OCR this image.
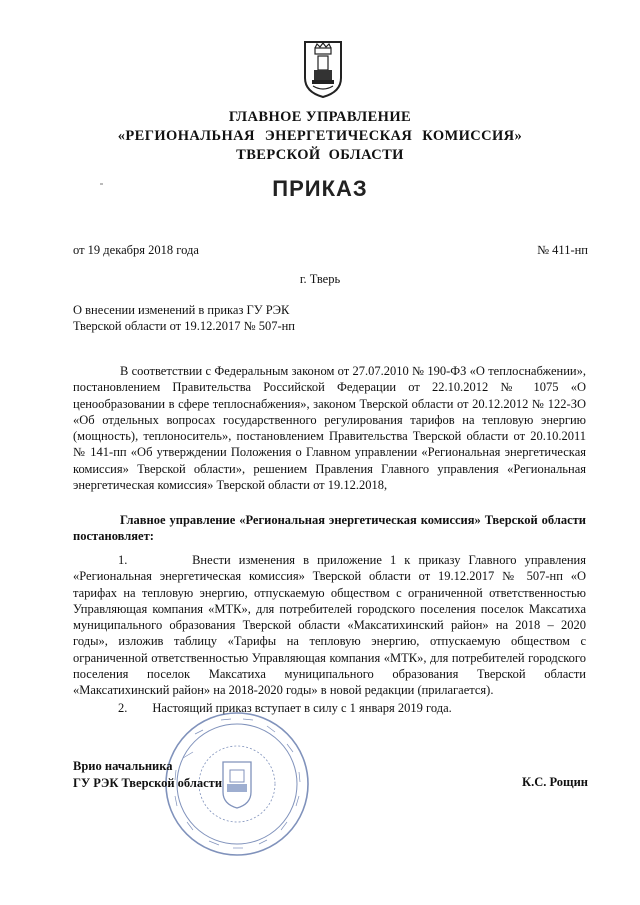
ГЛАВНОЕ УПРАВЛЕНИЕ
«РЕГИОНАЛЬНАЯ ЭНЕРГЕТИЧЕСКАЯ КОМИССИЯ»
ТВЕРСКОЙ ОБЛАСТИ
ПРИКАЗ
от 19 декабря 2018 года	№ 411-нп
г. Тверь
О внесении изменений в приказ ГУ РЭК
Тверской области от 19.12.2017 № 507-нп
В соответствии с Федеральным законом от 27.07.2010 № 190-ФЗ «О теплоснабжении», постановлением Правительства Российской Федерации от 22.10.2012 № 1075 «О ценообразовании в сфере теплоснабжения», законом Тверской области от 20.12.2012 № 122-ЗО «Об отдельных вопросах государственного регулирования тарифов на тепловую энергию (мощность), теплоноситель», постановлением Правительства Тверской области от 20.10.2011 № 141-пп «Об утверждении Положения о Главном управлении «Региональная энергетическая комиссия» Тверской области», решением Правления Главного управления «Региональная энергетическая комиссия» Тверской области от 19.12.2018,
Главное управление «Региональная энергетическая комиссия» Тверской области постановляет:
1.        Внести изменения в приложение 1 к приказу Главного управления «Региональная энергетическая комиссия» Тверской области от 19.12.2017 № 507-нп «О тарифах на тепловую энергию, отпускаемую обществом с ограниченной ответственностью Управляющая компания «МТК», для потребителей городского поселения поселок Максатиха муниципального образования Тверской области «Максатихинский район» на 2018 – 2020 годы», изложив таблицу «Тарифы на тепловую энергию, отпускаемую обществом с ограниченной ответственностью Управляющая компания «МТК», для потребителей городского поселения поселок Максатиха муниципального образования Тверской области «Максатихинский район» на 2018-2020 годы» в новой редакции (прилагается).
2.        Настоящий приказ вступает в силу с 1 января 2019 года.
Врио начальника
ГУ РЭК Тверской области	К.С. Рощин
